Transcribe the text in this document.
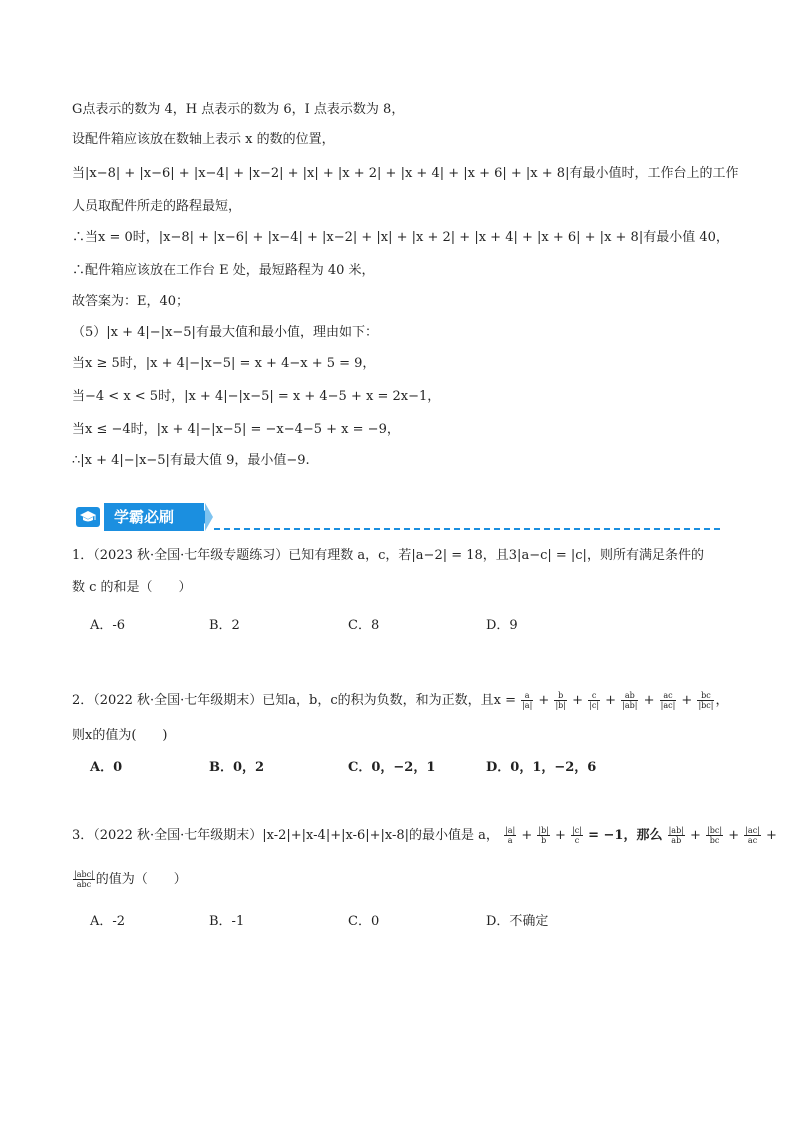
G点表示的数为 4，H 点表示的数为 6，I 点表示数为 8，
设配件箱应该放在数轴上表示 x 的数的位置，
当|x−8| + |x−6| + |x−4| + |x−2| + |x| + |x + 2| + |x + 4| + |x + 6| + |x + 8|有最小值时，工作台上的工作
人员取配件所走的路程最短，
∴当x = 0时，|x−8| + |x−6| + |x−4| + |x−2| + |x| + |x + 2| + |x + 4| + |x + 6| + |x + 8|有最小值 40，
∴配件箱应该放在工作台 E 处，最短路程为 40 米，
故答案为：E，40；
（5）|x + 4|−|x−5|有最大值和最小值，理由如下：
当x ≥ 5时，|x + 4|−|x−5| = x + 4−x + 5 = 9，
当−4 < x < 5时，|x + 4|−|x−5| = x + 4−5 + x = 2x−1，
当x ≤ −4时，|x + 4|−|x−5| = −x−4−5 + x = −9，
∴|x + 4|−|x−5|有最大值 9，最小值−9.
学霸必刷
1．（2023 秋·全国·七年级专题练习）已知有理数 a，c，若|a−2| = 18，且3|a−c| = |c|，则所有满足条件的
数 c 的和是（　　）
A．-6	B．2	C．8	D．9
2．（2022 秋·全国·七年级期末）已知a，b，c的积为负数，和为正数，且$x = \frac{a}{|a|} + \frac{b}{|b|} + \frac{c}{|c|} + \frac{ab}{|ab|} + \frac{ac}{|ac|} + \frac{bc}{|bc|}$ ，
则x的值为(　　)
A．0	B．0，2	C．0，−2，1	D．0，1，−2，6
3．（2022 秋·全国·七年级期末）|x-2|+|x-4|+|x-6|+|x-8|的最小值是 a， $\frac{|a|}{a} + \frac{|b|}{b} + \frac{|c|}{c} = -1$，那么 $\frac{|ab|}{ab} + \frac{|bc|}{bc} + \frac{|ac|}{ac}$ +
$\frac{\text{|abc|}}{\text{abc}}$ 的值为（　　）
A．-2	B．-1	C．0	D．不确定
